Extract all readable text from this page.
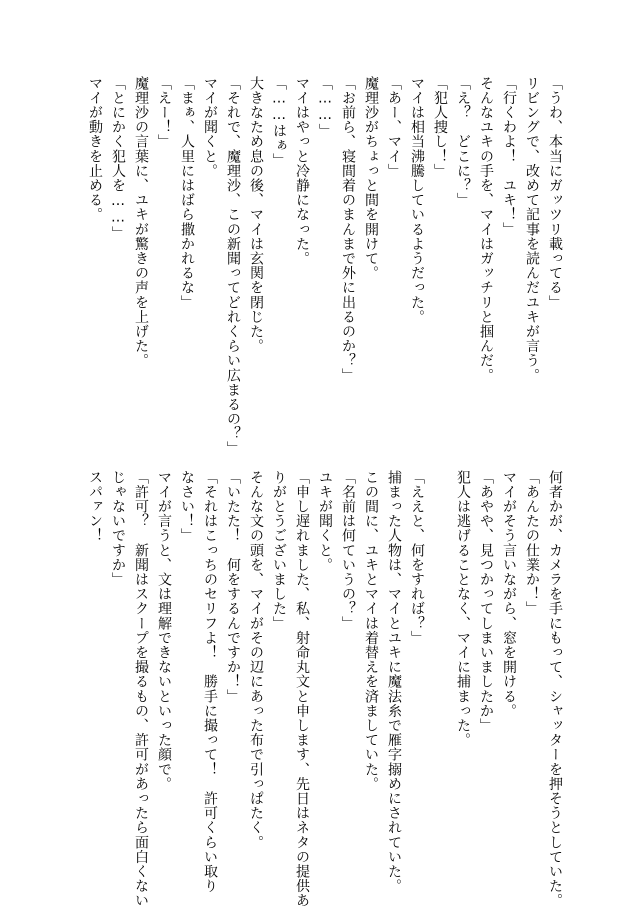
「うわ、本当にガッツリ載ってる」
リビングで、改めて記事を読んだユキが言う。
「行くわよ！　ユキ！」
そんなユキの手を、マイはガッチリと掴んだ。
「え？　どこに？」
「犯人捜し！」
マイは相当沸騰しているようだった。
「あー、マイ」
魔理沙がちょっと間を開けて。
「お前ら、寝間着のまんまで外に出るのか？」
「……」
マイはやっと冷静になった。
「……はぁ」
大きなため息の後、マイは玄関を閉じた。
「それで、魔理沙、この新聞ってどれくらい広まるの？」
マイが聞くと。
「まぁ、人里にはばら撒かれるな」
「えー！」
魔理沙の言葉に、ユキが驚きの声を上げた。
「とにかく犯人を……」
マイが動きを止める。
何者かが、カメラを手にもって、シャッターを押そうとしていた。
「あんたの仕業か！」
マイがそう言いながら、窓を開ける。
「あやや、見つかってしまいましたか」
犯人は逃げることなく、マイに捕まった。
「ええと、何をすれば？」
捕まった人物は、マイとユキに魔法糸で雁字搦めにされていた。
この間に、ユキとマイは着替えを済ましていた。
「名前は何ていうの？」
ユキが聞くと。
「申し遅れました、私、射命丸文と申します、先日はネタの提供あ
りがとうございました」
そんな文の頭を、マイがその辺にあった布で引っぱたく。
「いたた！　何をするんですか！」
「それはこっちのセリフよ！　勝手に撮って！　許可くらい取り
なさい！」
マイが言うと、文は理解できないといった顔で。
「許可？　新聞はスクープを撮るもの、許可があったら面白くない
じゃないですか」
スパァン！
